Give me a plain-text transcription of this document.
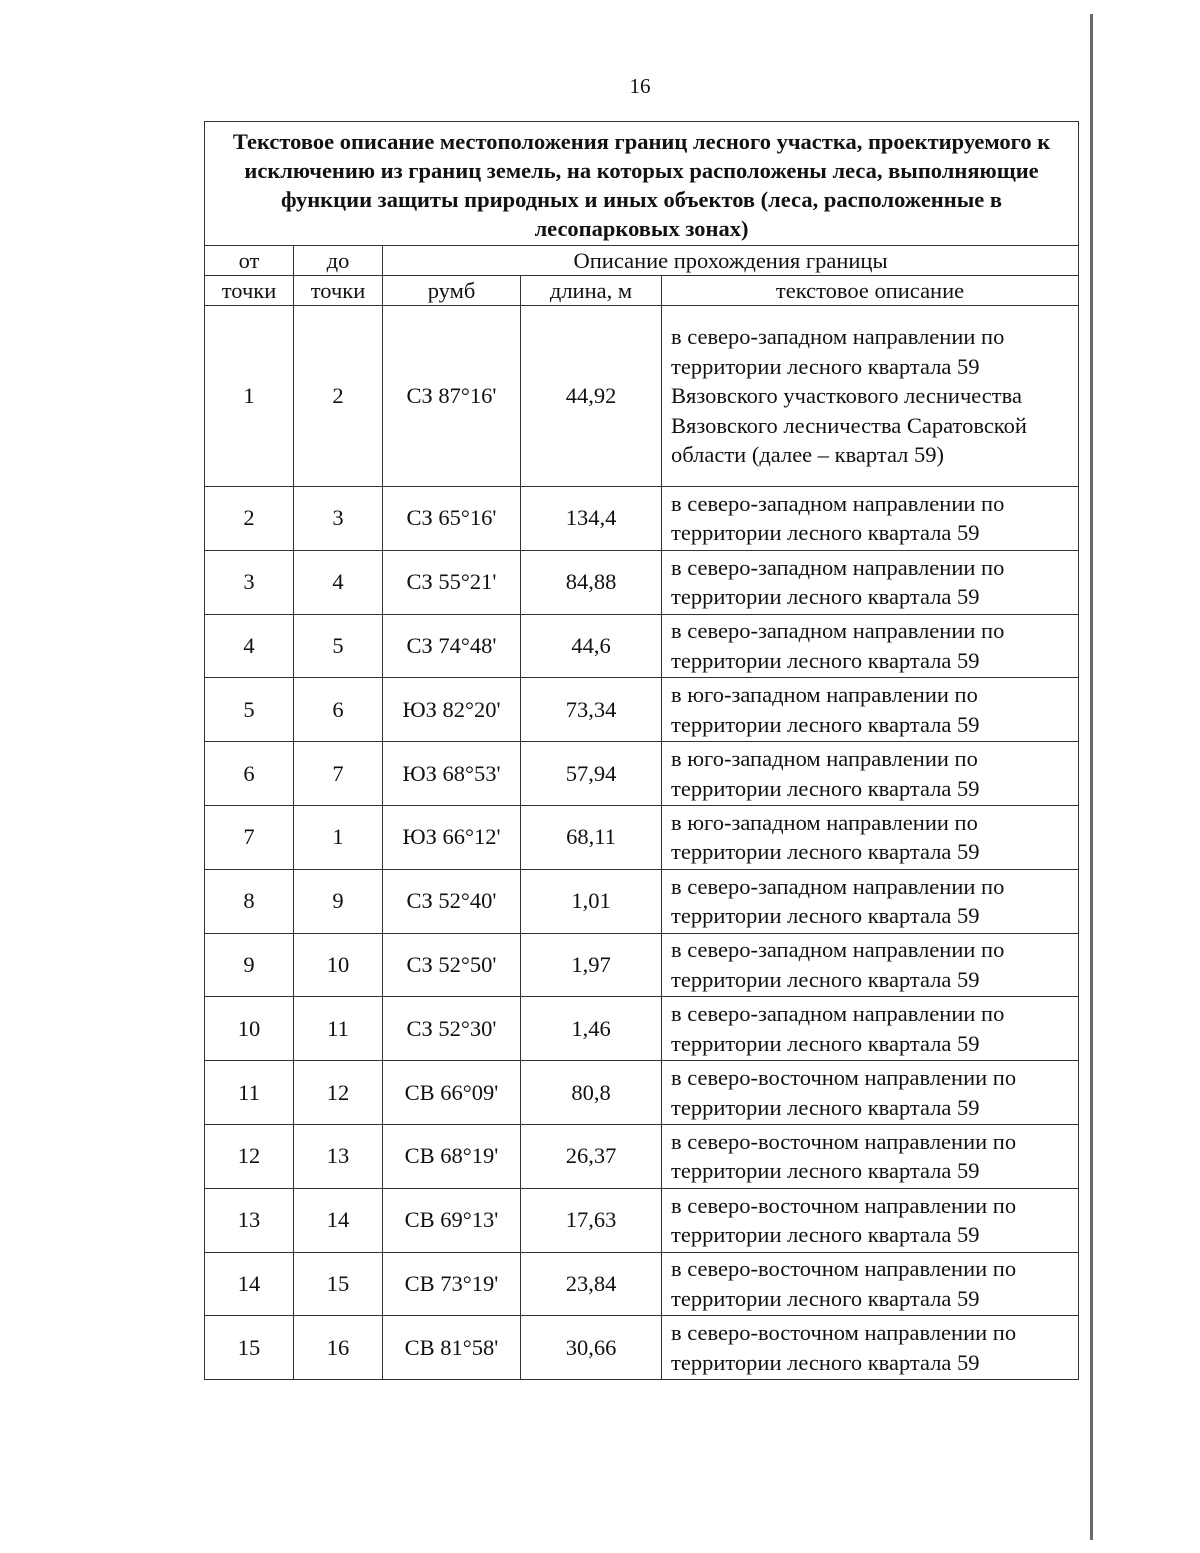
16
Текстовое описание местоположения границ лесного участка, проектируемого к исключению из границ земель, на которых расположены леса, выполняющие функции защиты природных и иных объектов (леса, расположенные в лесопарковых зонах)				
от	до	Описание прохождения границы		
точки	точки	румб	длина, м	текстовое описание
1	2	СЗ 87°16'	44,92	в северо-западном направлении по территории лесного квартала 59 Вязовского участкового лесничества Вязовского лесничества Саратовской области (далее – квартал 59)
2	3	СЗ 65°16'	134,4	в северо-западном направлении по территории лесного квартала 59
3	4	СЗ 55°21'	84,88	в северо-западном направлении по территории лесного квартала 59
4	5	СЗ 74°48'	44,6	в северо-западном направлении по территории лесного квартала 59
5	6	ЮЗ 82°20'	73,34	в юго-западном направлении по территории лесного квартала 59
6	7	ЮЗ 68°53'	57,94	в юго-западном направлении по территории лесного квартала 59
7	1	ЮЗ 66°12'	68,11	в юго-западном направлении по территории лесного квартала 59
8	9	СЗ 52°40'	1,01	в северо-западном направлении по территории лесного квартала 59
9	10	СЗ 52°50'	1,97	в северо-западном направлении по территории лесного квартала 59
10	11	СЗ 52°30'	1,46	в северо-западном направлении по территории лесного квартала 59
11	12	СВ 66°09'	80,8	в северо-восточном направлении по территории лесного квартала 59
12	13	СВ 68°19'	26,37	в северо-восточном направлении по территории лесного квартала 59
13	14	СВ 69°13'	17,63	в северо-восточном направлении по территории лесного квартала 59
14	15	СВ 73°19'	23,84	в северо-восточном направлении по территории лесного квартала 59
15	16	СВ 81°58'	30,66	в северо-восточном направлении по территории лесного квартала 59
